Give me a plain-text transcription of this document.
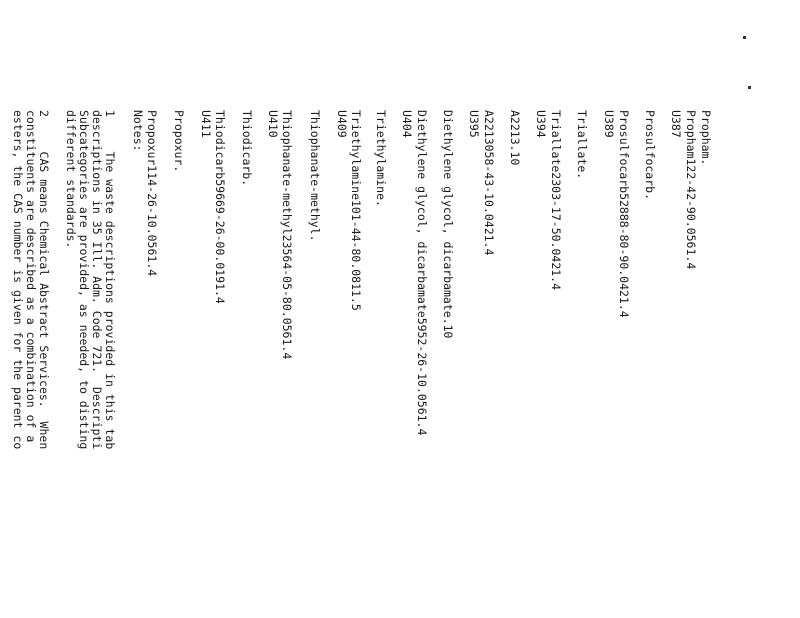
Propham.

Propham122-42-90.0561.4

U387

Prosulfocarb.

Prosulfocarb52888-80-90.0421.4

U389

Triallate.

Triallate2303-17-50.0421.4

U394

A2213.10

A2213058-43-10.0421.4

U395

Diethylene glycol, dicarbamate.10

Diethylene glycol, dicarbamate5952-26-10.0561.4

U404

Triethylamine.

Triethylamine101-44-80.0811.5

U409

Thiophanate-methyl.

Thiophanate-methyl23564-05-80.0561.4

U410

Thiodicarb.

Thiodicarb59669-26-00.0191.4

U411

Propoxur.

Propoxur114-26-10.0561.4

Notes:

1     The waste descriptions provided in this tab

descriptions in 35 Ill. Adm. Code 721.  Descripti

Subcategories are provided, as needed, to disting

different standards.

2     CAS means Chemical Abstract Services.  When

constituents are described as a combination of a

esters, the CAS number is given for the parent co
